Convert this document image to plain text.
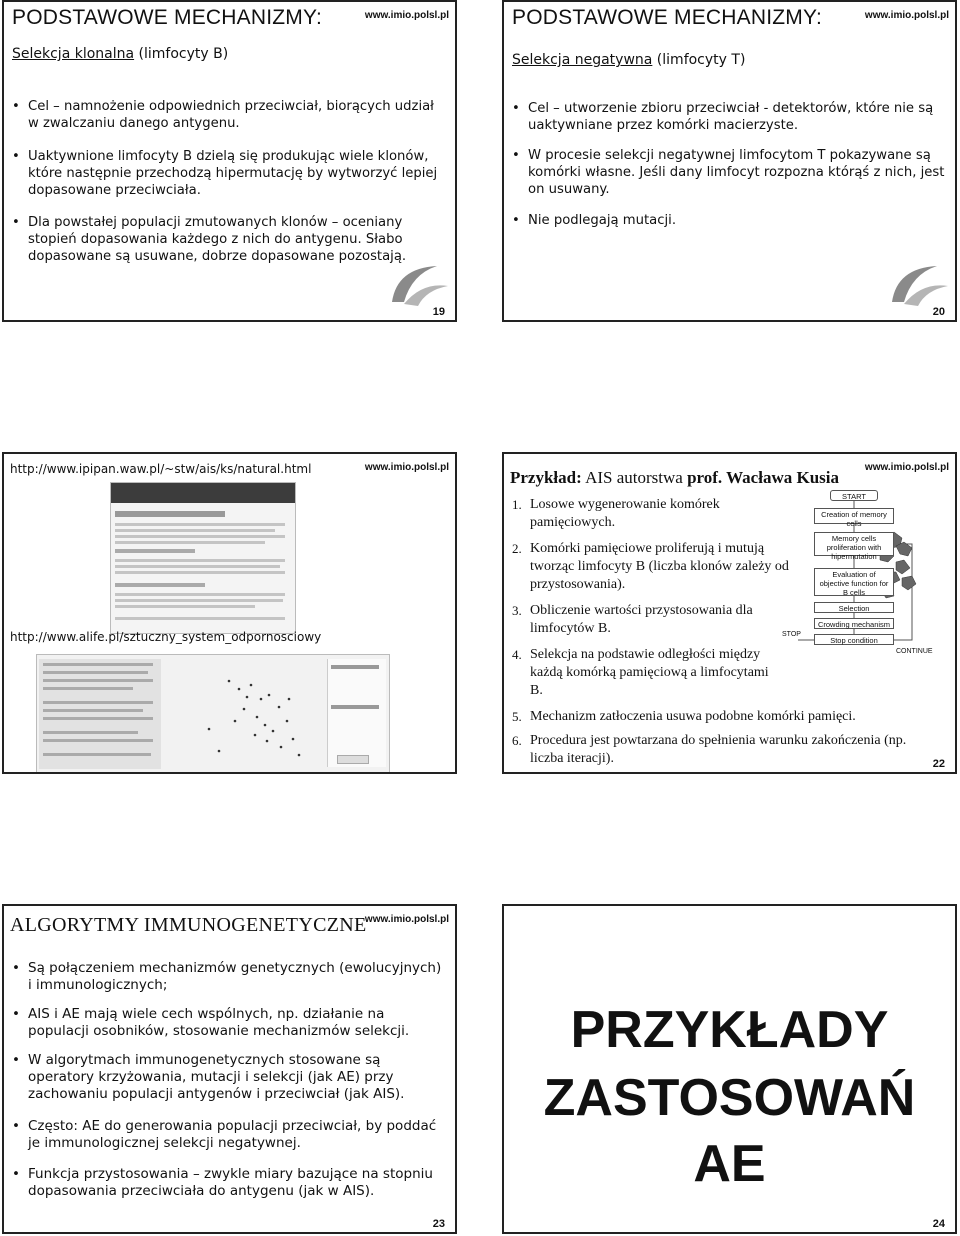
PODSTAWOWE MECHANIZMY:	www.imio.polsl.pl
Selekcja klonalna (limfocyty B)
• Cel – namnożenie odpowiednich przeciwciał, biorących udział w zwalczaniu danego antygenu.
• Uaktywnione limfocyty B dzielą się produkując wiele klonów, które następnie przechodzą hipermutację by wytworzyć lepiej dopasowane przeciwciała.
• Dla powstałej populacji zmutowanych klonów – oceniany stopień dopasowania każdego z nich do antygenu. Słabo dopasowane są usuwane, dobrze dopasowane pozostają.
19
PODSTAWOWE MECHANIZMY:	www.imio.polsl.pl
Selekcja negatywna (limfocyty T)
• Cel – utworzenie zbioru przeciwciał - detektorów, które nie są uaktywniane przez komórki macierzyste.
• W procesie selekcji negatywnej limfocytom T pokazywane są komórki własne. Jeśli dany limfocyt rozpozna którąś z nich, jest on usuwany.
• Nie podlegają mutacji.
20
http://www.ipipan.waw.pl/~stw/ais/ks/natural.html	www.imio.polsl.pl
http://www.alife.pl/sztuczny_system_odpornosciowy
Przykład: AIS autorstwa prof. Wacława Kusia
www.imio.polsl.pl
1. Losowe wygenerowanie komórek pamięciowych.
2. Komórki pamięciowe proliferują i mutują tworząc limfocyty B (liczba klonów zależy od przystosowania).
3. Obliczenie wartości przystosowania dla limfocytów B.
4. Selekcja na podstawie odległości między każdą komórką pamięciową a limfocytami B.
5. Mechanizm zatłoczenia usuwa podobne komórki pamięci.
6. Procedura jest powtarzana do spełnienia warunku zakończenia (np. liczba iteracji).
START
Creation of memory cells
Memory cells proliferation with hipermutation
Evaluation of objective function for B cells
Selection
Crowding mechanism
Stop condition
STOP
CONTINUE
22
ALGORYTMY IMMUNOGENETYCZNE
www.imio.polsl.pl
• Są połączeniem mechanizmów genetycznych (ewolucyjnych) i immunologicznych;
• AIS i AE mają wiele cech wspólnych, np. działanie na populacji osobników, stosowanie mechanizmów selekcji.
• W algorytmach immunogenetycznych stosowane są operatory krzyżowania, mutacji i selekcji (jak AE) przy zachowaniu populacji antygenów i przeciwciał (jak AIS).
• Często: AE do generowania populacji przeciwciał, by poddać je immunologicznej selekcji negatywnej.
• Funkcja przystosowania – zwykle miary bazujące na stopniu dopasowania przeciwciała do antygenu (jak w AIS).
23
PRZYKŁADY
ZASTOSOWAŃ
AE
24
